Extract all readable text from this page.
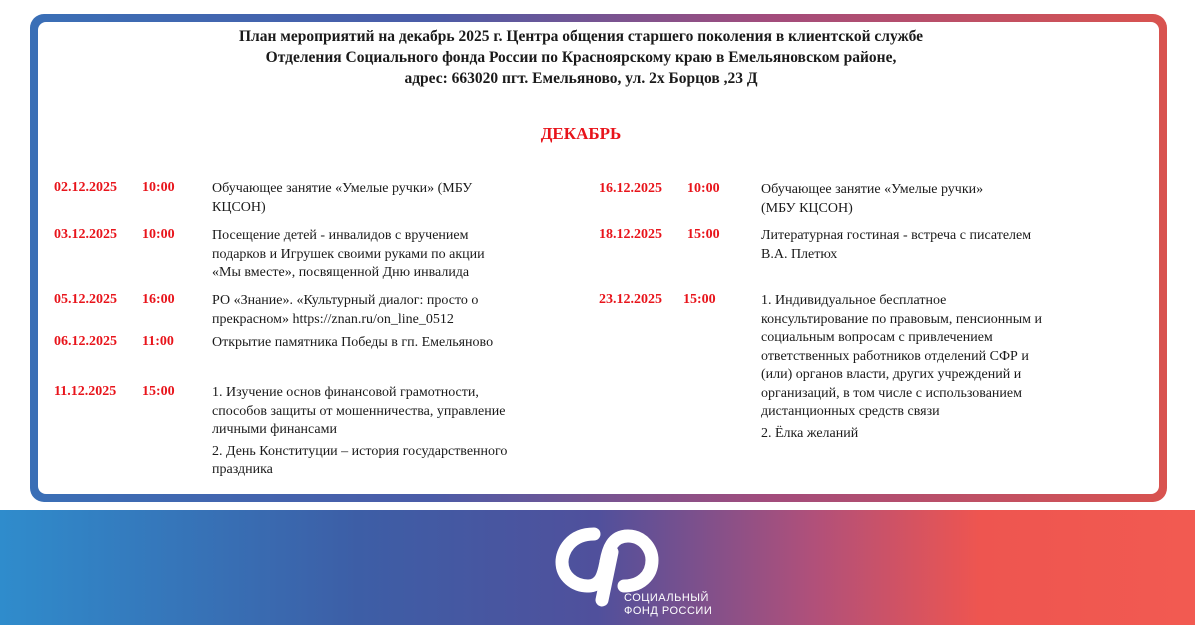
План мероприятий на декабрь 2025 г. Центра общения старшего поколения в клиентской службе
Отделения Социального фонда России по Красноярскому краю в Емельяновском районе,
адрес: 663020 пгт. Емельяново, ул. 2х Борцов ,23 Д
ДЕКАБРЬ
02.12.2025 10:00	Обучающее занятие «Умелые ручки» (МБУ
КЦСОН)
03.12.2025 10:00	Посещение детей - инвалидов с вручением
подарков и Игрушек своими руками по акции
«Мы вместе», посвященной Дню инвалида
05.12.2025 16:00	РО «Знание». «Культурный диалог: просто о
прекрасном» https://znan.ru/on_line_0512
06.12.2025 11:00	Открытие памятника Победы в гп. Емельяново
11.12.2025 15:00	1. Изучение основ финансовой грамотности,
способов защиты от мошенничества, управление
личными финансами

2. День Конституции – история государственного
праздника

16.12.2025 10:00	Обучающее занятие «Умелые ручки»
(МБУ КЦСОН)
18.12.2025 15:00	Литературная гостиная - встреча с писателем
В.А. Плетюх
23.12.2025 15:00	1. Индивидуальное бесплатное
консультирование по правовым, пенсионным и
социальным вопросам с привлечением
ответственных работников отделений СФР и
(или) органов власти, других учреждений и
организаций, в том числе с использованием
дистанционных средств связи

2. Ёлка желаний

СОЦИАЛЬНЫЙ
ФОНД РОССИИ
